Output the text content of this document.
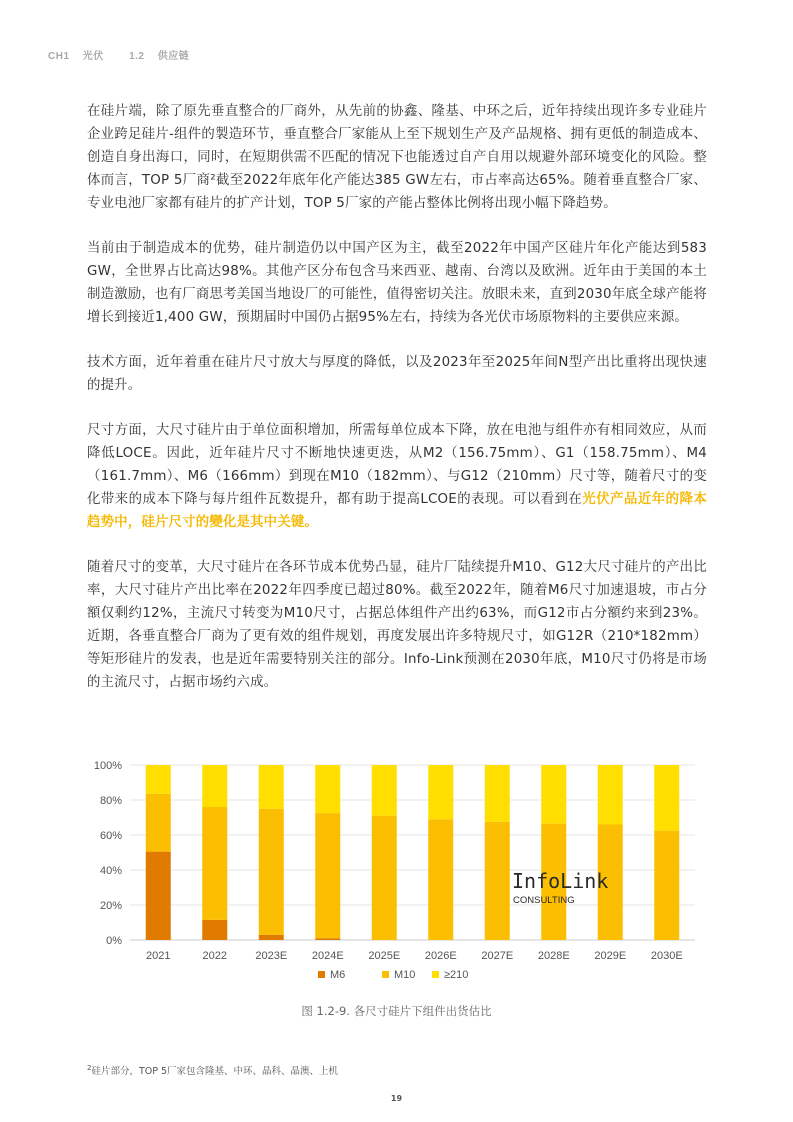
CH1 光伏	1.2 供应链

在硅片端，除了原先垂直整合的厂商外，从先前的协鑫、隆基、中环之后，近年持续出现许多专业硅片企业跨足硅片-组件的製造环节，垂直整合厂家能从上至下规划生产及产品规格、拥有更低的制造成本、创造自身出海口，同时，在短期供需不匹配的情况下也能透过自产自用以规避外部环境变化的风险。整体而言，TOP 5厂商²截至2022年底年化产能达385 GW左右，市占率高达65%。随着垂直整合厂家、专业电池厂家都有硅片的扩产计划，TOP 5厂家的产能占整体比例将出现小幅下降趋势。

当前由于制造成本的优势，硅片制造仍以中国产区为主，截至2022年中国产区硅片年化产能达到583 GW，全世界占比高达98%。其他产区分布包含马来西亚、越南、台湾以及欧洲。近年由于美国的本土制造激励，也有厂商思考美国当地设厂的可能性，值得密切关注。放眼未来，直到2030年底全球产能将增长到接近1,400 GW，预期届时中国仍占据95%左右，持续为各光伏市场原物料的主要供应来源。

技术方面，近年着重在硅片尺寸放大与厚度的降低，以及2023年至2025年间N型产出比重将出现快速的提升。

尺寸方面，大尺寸硅片由于单位面积增加，所需每单位成本下降，放在电池与组件亦有相同效应，从而降低LOCE。因此，近年硅片尺寸不断地快速更迭，从M2（156.75mm）、G1（158.75mm）、M4（161.7mm）、M6（166mm）到现在M10（182mm）、与G12（210mm）尺寸等，随着尺寸的变化带来的成本下降与每片组件瓦数提升，都有助于提高LCOE的表现。可以看到在光伏产品近年的降本趋势中，硅片尺寸的變化是其中关键。

随着尺寸的变革，大尺寸硅片在各环节成本优势凸显，硅片厂陆续提升M10、G12大尺寸硅片的产出比率，大尺寸硅片产出比率在2022年四季度已超过80%。截至2022年，随着M6尺寸加速退坡，市占分額仅剩约12%，主流尺寸转变为M10尺寸，占据总体组件产出约63%，而G12市占分額约来到23%。近期，各垂直整合厂商为了更有效的组件规划，再度发展出许多特规尺寸，如G12R（210*182mm）等矩形硅片的发表，也是近年需要特别关注的部分。Info-Link预测在2030年底，M10尺寸仍将是市场的主流尺寸，占据市场约六成。

0%
20%
40%
60%
80%
100%
2021	2022	2023E 2024E 2025E 2026E 2027E 2028E 2029E 2030E
InfoLink
CONSULTING
M6	M10	≥210
图 1.2-9. 各尺寸硅片下组件出货估比
$^2$硅片部分，TOP 5厂家包含隆基、中环、晶科、晶澳、上机
19
